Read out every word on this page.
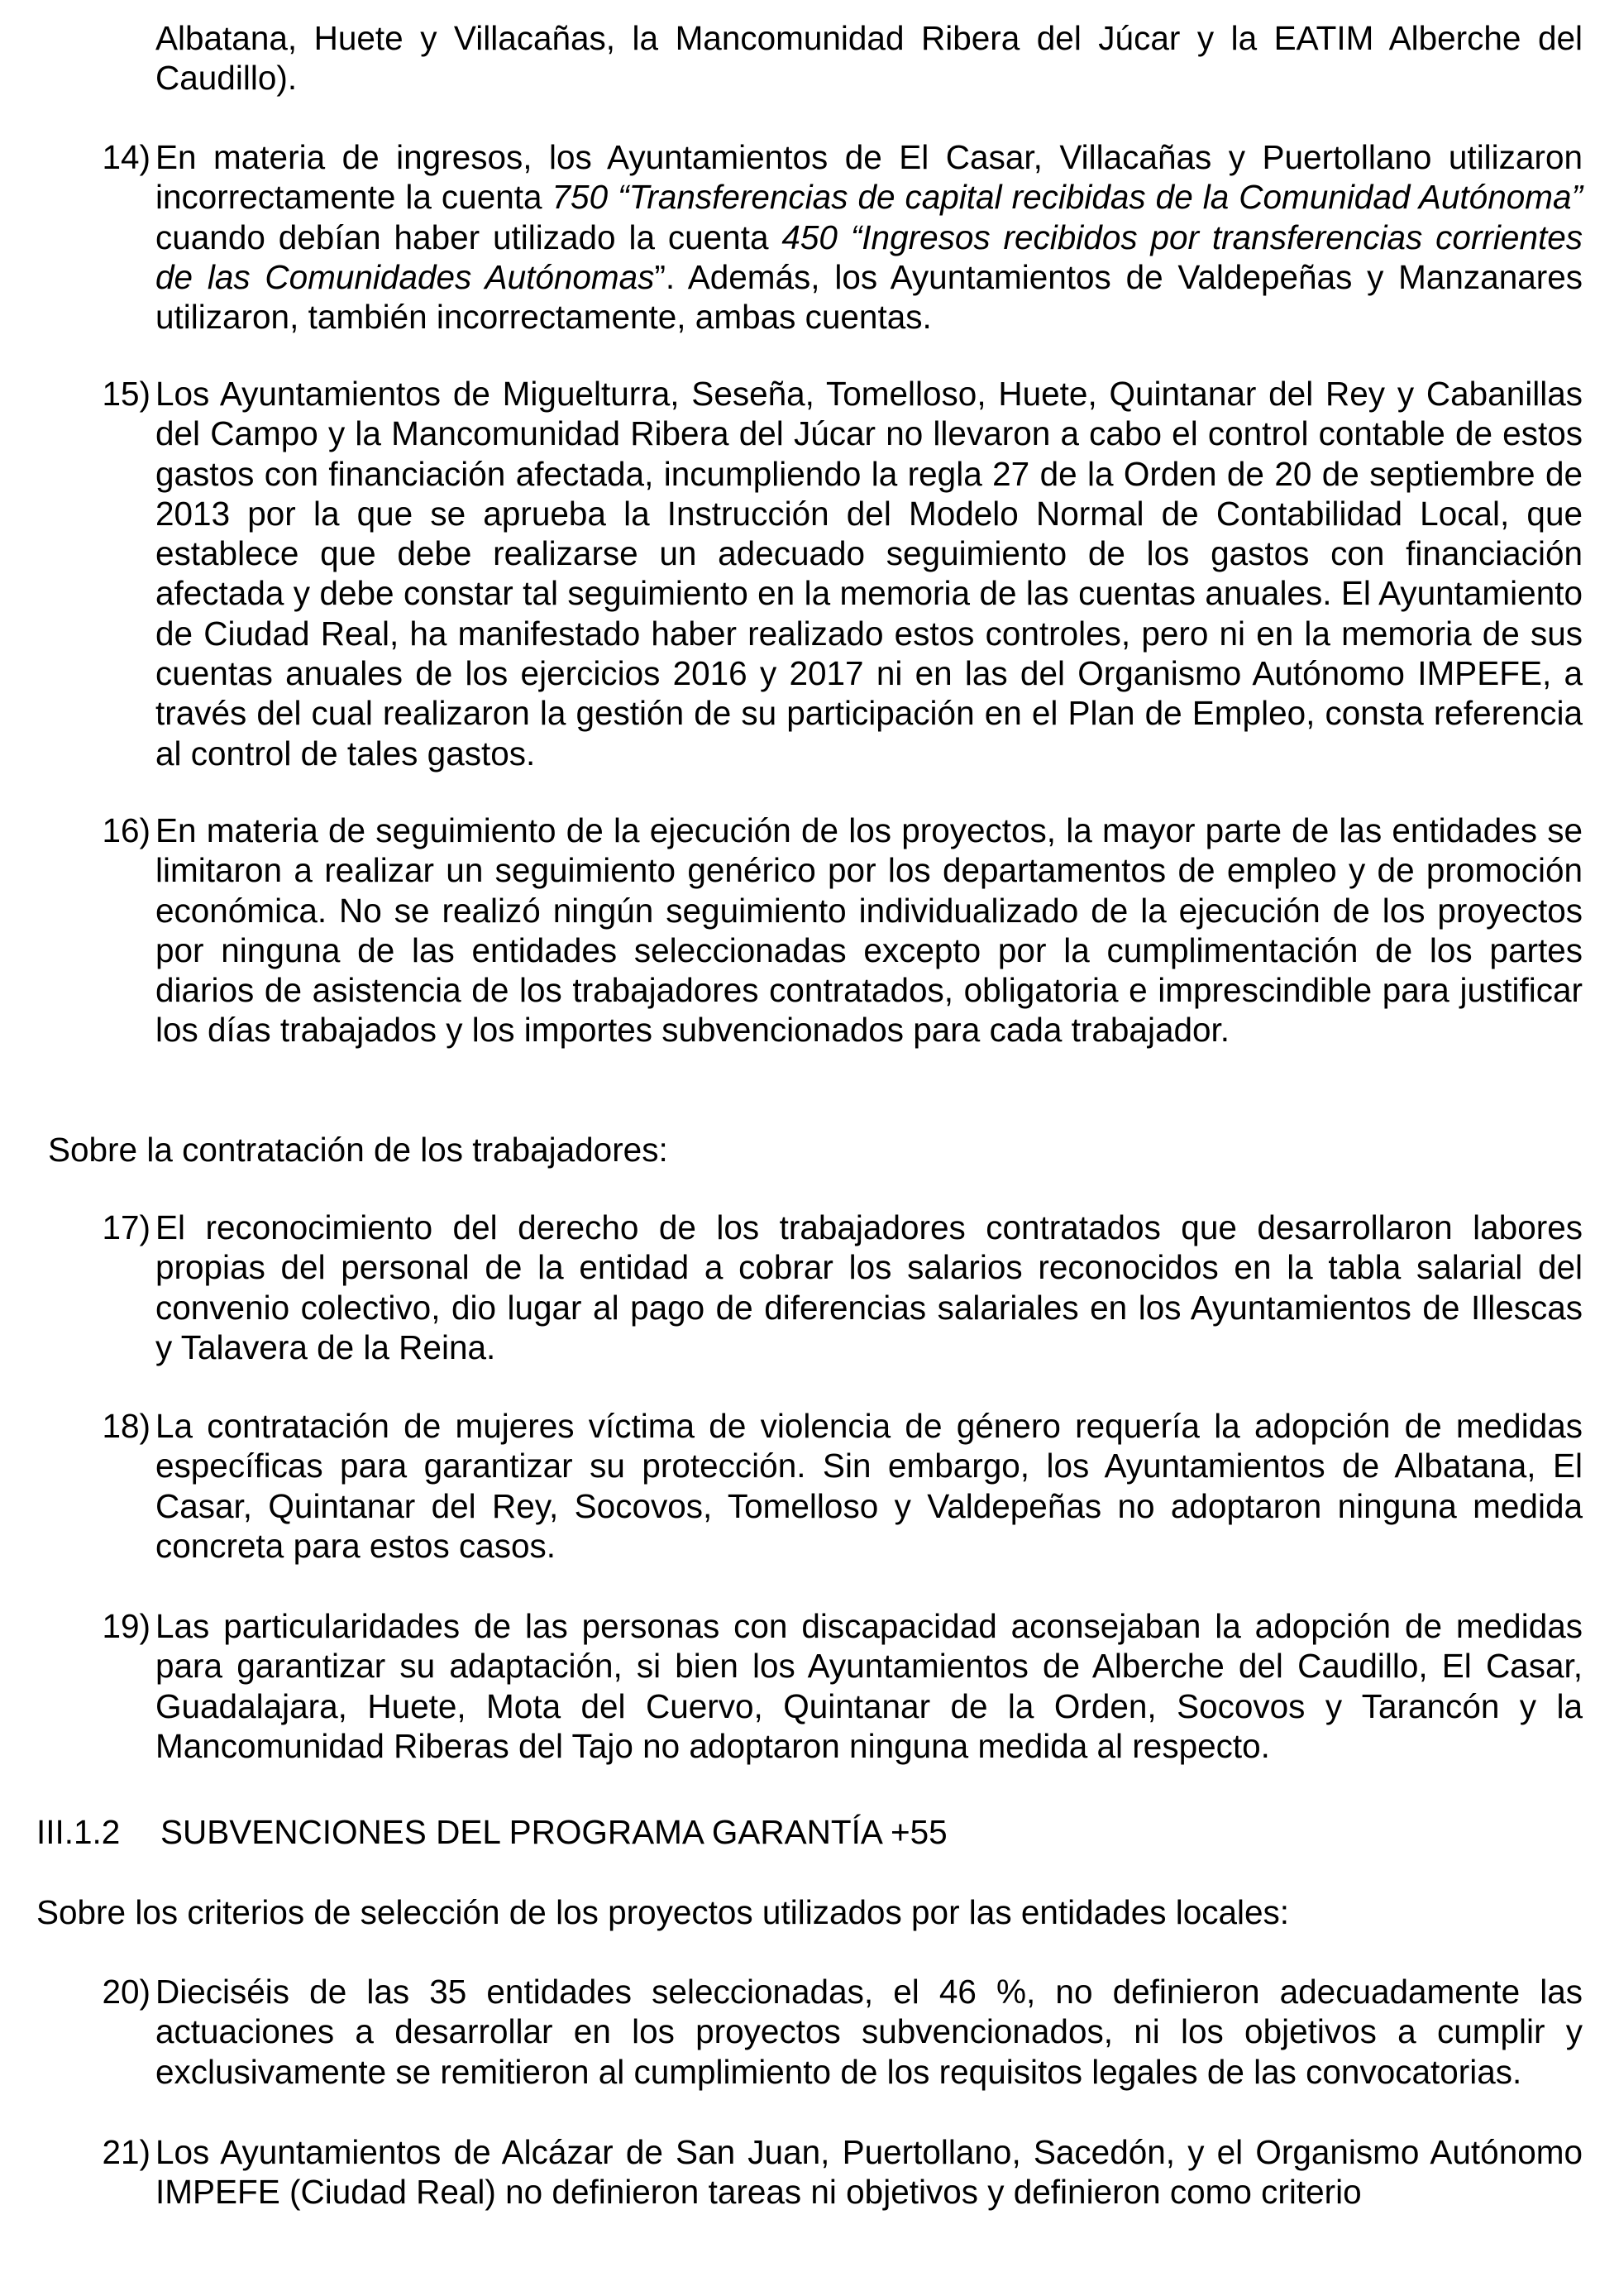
Albatana, Huete y Villacañas, la Mancomunidad Ribera del Júcar y la EATIM Alberche del Caudillo).
14) En materia de ingresos, los Ayuntamientos de El Casar, Villacañas y Puertollano utilizaron incorrectamente la cuenta 750 “Transferencias de capital recibidas de la Comunidad Autónoma” cuando debían haber utilizado la cuenta 450 “Ingresos recibidos por transferencias corrientes de las Comunidades Autónomas”. Además, los Ayuntamientos de Valdepeñas y Manzanares utilizaron, también incorrectamente, ambas cuentas.
15) Los Ayuntamientos de Miguelturra, Seseña, Tomelloso, Huete, Quintanar del Rey y Cabanillas del Campo y la Mancomunidad Ribera del Júcar no llevaron a cabo el control contable de estos gastos con financiación afectada, incumpliendo la regla 27 de la Orden de 20 de septiembre de 2013 por la que se aprueba la Instrucción del Modelo Normal de Contabilidad Local, que establece que debe realizarse un adecuado seguimiento de los gastos con financiación afectada y debe constar tal seguimiento en la memoria de las cuentas anuales. El Ayuntamiento de Ciudad Real, ha manifestado haber realizado estos controles, pero ni en la memoria de sus cuentas anuales de los ejercicios 2016 y 2017 ni en las del Organismo Autónomo IMPEFE, a través del cual realizaron la gestión de su participación en el Plan de Empleo, consta referencia al control de tales gastos.
16) En materia de seguimiento de la ejecución de los proyectos, la mayor parte de las entidades se limitaron a realizar un seguimiento genérico por los departamentos de empleo y de promoción económica. No se realizó ningún seguimiento individualizado de la ejecución de los proyectos por ninguna de las entidades seleccionadas excepto por la cumplimentación de los partes diarios de asistencia de los trabajadores contratados, obligatoria e imprescindible para justificar los días trabajados y los importes subvencionados para cada trabajador.
Sobre la contratación de los trabajadores:
17) El reconocimiento del derecho de los trabajadores contratados que desarrollaron labores propias del personal de la entidad a cobrar los salarios reconocidos en la tabla salarial del convenio colectivo, dio lugar al pago de diferencias salariales en los Ayuntamientos de Illescas y Talavera de la Reina.
18) La contratación de mujeres víctima de violencia de género requería la adopción de medidas específicas para garantizar su protección. Sin embargo, los Ayuntamientos de Albatana, El Casar, Quintanar del Rey, Socovos, Tomelloso y Valdepeñas no adoptaron ninguna medida concreta para estos casos.
19) Las particularidades de las personas con discapacidad aconsejaban la adopción de medidas para garantizar su adaptación, si bien los Ayuntamientos de Alberche del Caudillo, El Casar, Guadalajara, Huete, Mota del Cuervo, Quintanar de la Orden, Socovos y Tarancón y la Mancomunidad Riberas del Tajo no adoptaron ninguna medida al respecto.
III.1.2 SUBVENCIONES DEL PROGRAMA GARANTÍA +55
Sobre los criterios de selección de los proyectos utilizados por las entidades locales:
20) Dieciséis de las 35 entidades seleccionadas, el 46 %, no definieron adecuadamente las actuaciones a desarrollar en los proyectos subvencionados, ni los objetivos a cumplir y exclusivamente se remitieron al cumplimiento de los requisitos legales de las convocatorias.
21) Los Ayuntamientos de Alcázar de San Juan, Puertollano, Sacedón, y el Organismo Autónomo IMPEFE (Ciudad Real) no definieron tareas ni objetivos y definieron como criterio
